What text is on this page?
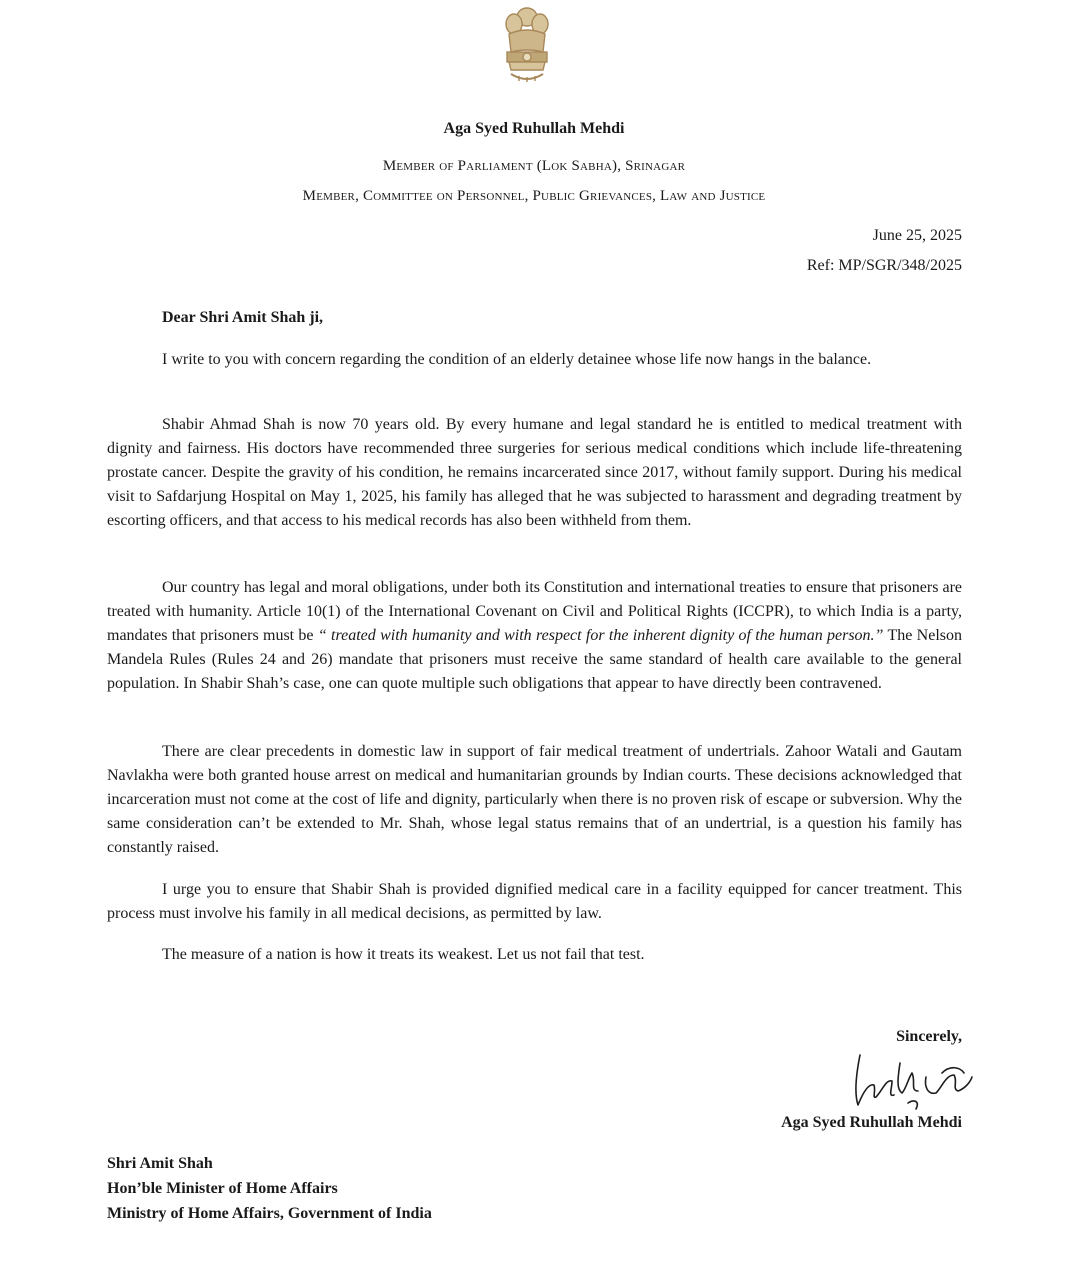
Aga Syed Ruhullah Mehdi
Member of Parliament (Lok Sabha), Srinagar
Member, Committee on Personnel, Public Grievances, Law and Justice
June 25, 2025
Ref: MP/SGR/348/2025
Dear Shri Amit Shah ji,

I write to you with concern regarding the condition of an elderly detainee whose life now hangs in the balance.

Shabir Ahmad Shah is now 70 years old. By every humane and legal standard he is entitled to medical treatment with dignity and fairness. His doctors have recommended three surgeries for serious medical conditions which include life-threatening prostate cancer. Despite the gravity of his condition, he remains incarcerated since 2017, without family support. During his medical visit to Safdarjung Hospital on May 1, 2025, his family has alleged that he was subjected to harassment and degrading treatment by escorting officers, and that access to his medical records has also been withheld from them.

Our country has legal and moral obligations, under both its Constitution and international treaties to ensure that prisoners are treated with humanity. Article 10(1) of the International Covenant on Civil and Political Rights (ICCPR), to which India is a party, mandates that prisoners must be “ treated with humanity and with respect for the inherent dignity of the human person.” The Nelson Mandela Rules (Rules 24 and 26) mandate that prisoners must receive the same standard of health care available to the general population. In Shabir Shah’s case, one can quote multiple such obligations that appear to have directly been contravened.

There are clear precedents in domestic law in support of fair medical treatment of undertrials. Zahoor Watali and Gautam Navlakha were both granted house arrest on medical and humanitarian grounds by Indian courts. These decisions acknowledged that incarceration must not come at the cost of life and dignity, particularly when there is no proven risk of escape or subversion. Why the same consideration can’t be extended to Mr. Shah, whose legal status remains that of an undertrial, is a question his family has constantly raised.

I urge you to ensure that Shabir Shah is provided dignified medical care in a facility equipped for cancer treatment. This process must involve his family in all medical decisions, as permitted by law.

The measure of a nation is how it treats its weakest. Let us not fail that test.

Sincerely,
Aga Syed Ruhullah Mehdi
Shri Amit Shah
Hon’ble Minister of Home Affairs
Ministry of Home Affairs, Government of India
